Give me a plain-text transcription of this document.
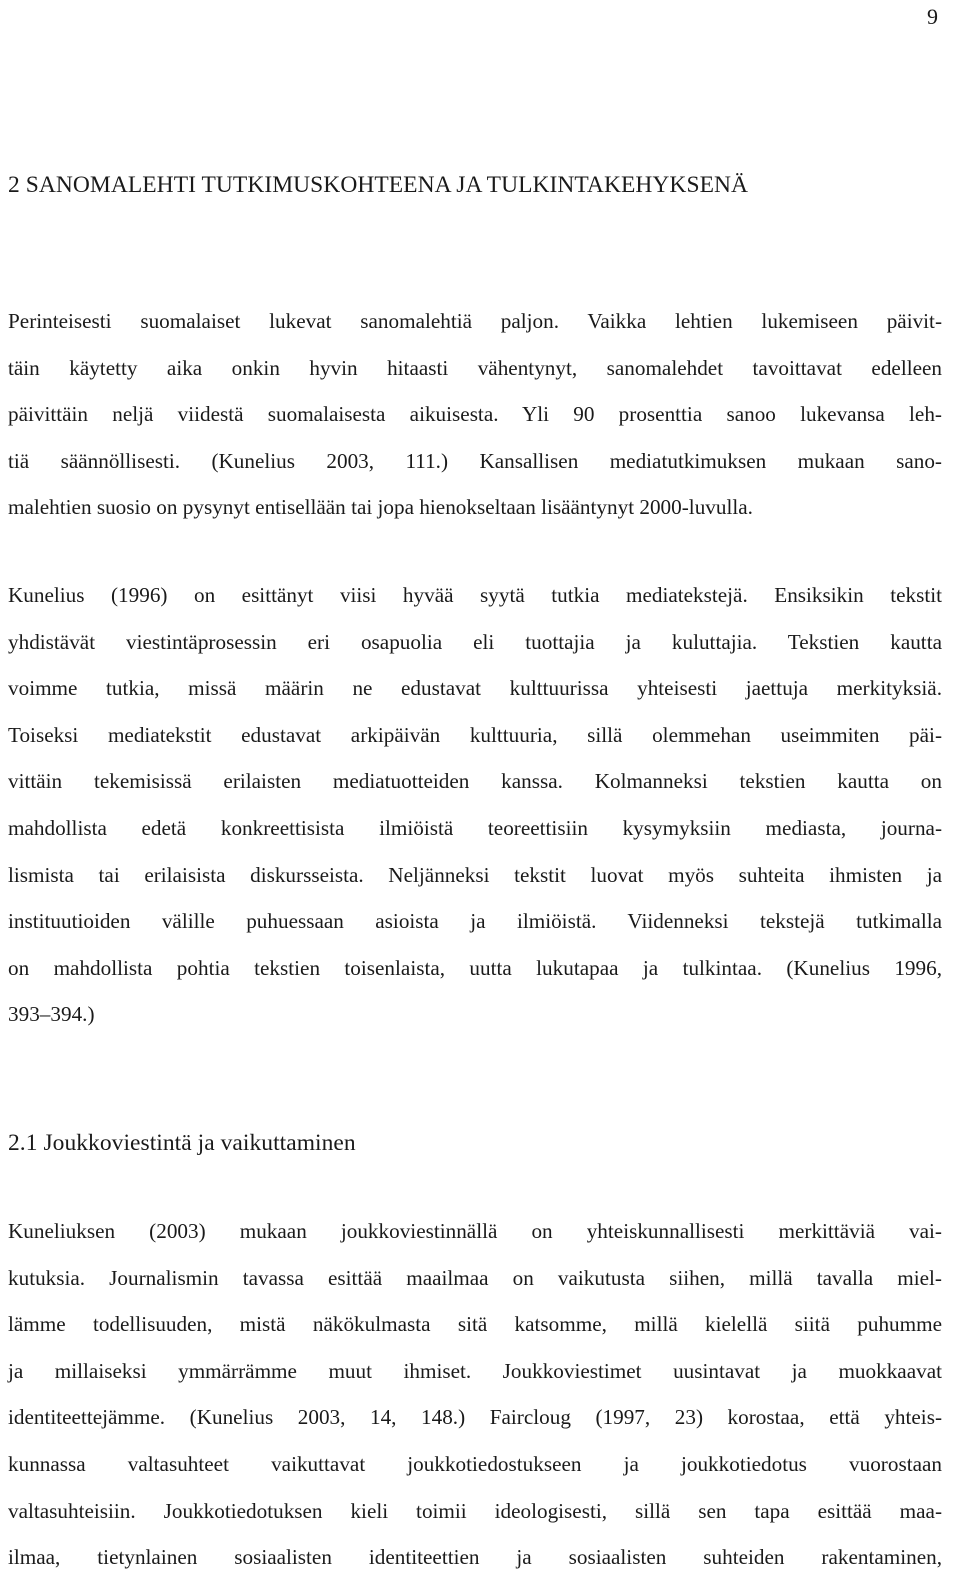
9
2 SANOMALEHTI TUTKIMUSKOHTEENA JA TULKINTAKEHYKSENÄ
Perinteisesti suomalaiset lukevat sanomalehtiä paljon. Vaikka lehtien lukemiseen päivit-
täin käytetty aika onkin hyvin hitaasti vähentynyt, sanomalehdet tavoittavat edelleen
päivittäin neljä viidestä suomalaisesta aikuisesta. Yli 90 prosenttia sanoo lukevansa leh-
tiä säännöllisesti. (Kunelius 2003, 111.) Kansallisen mediatutkimuksen mukaan sano-
malehtien suosio on pysynyt entisellään tai jopa hienokseltaan lisääntynyt 2000-luvulla.
Kunelius (1996) on esittänyt viisi hyvää syytä tutkia mediatekstejä. Ensiksikin tekstit
yhdistävät viestintäprosessin eri osapuolia eli tuottajia ja kuluttajia. Tekstien kautta
voimme tutkia, missä määrin ne edustavat kulttuurissa yhteisesti jaettuja merkityksiä.
Toiseksi mediatekstit edustavat arkipäivän kulttuuria, sillä olemmehan useimmiten päi-
vittäin tekemisissä erilaisten mediatuotteiden kanssa. Kolmanneksi tekstien kautta on
mahdollista edetä konkreettisista ilmiöistä teoreettisiin kysymyksiin mediasta, journa-
lismista tai erilaisista diskursseista. Neljänneksi tekstit luovat myös suhteita ihmisten ja
instituutioiden välille puhuessaan asioista ja ilmiöistä. Viidenneksi tekstejä tutkimalla
on mahdollista pohtia tekstien toisenlaista, uutta lukutapaa ja tulkintaa. (Kunelius 1996,
393–394.)
2.1 Joukkoviestintä ja vaikuttaminen
Kuneliuksen (2003) mukaan joukkoviestinnällä on yhteiskunnallisesti merkittäviä vai-
kutuksia. Journalismin tavassa esittää maailmaa on vaikutusta siihen, millä tavalla miel-
lämme todellisuuden, mistä näkökulmasta sitä katsomme, millä kielellä siitä puhumme
ja millaiseksi ymmärrämme muut ihmiset. Joukkoviestimet uusintavat ja muokkaavat
identiteettejämme. (Kunelius 2003, 14, 148.) Faircloug (1997, 23) korostaa, että yhteis-
kunnassa valtasuhteet vaikuttavat joukkotiedostukseen ja joukkotiedotus vuorostaan
valtasuhteisiin. Joukkotiedotuksen kieli toimii ideologisesti, sillä sen tapa esittää maa-
ilmaa, tietynlainen sosiaalisten identiteettien ja sosiaalisten suhteiden rakentaminen,
